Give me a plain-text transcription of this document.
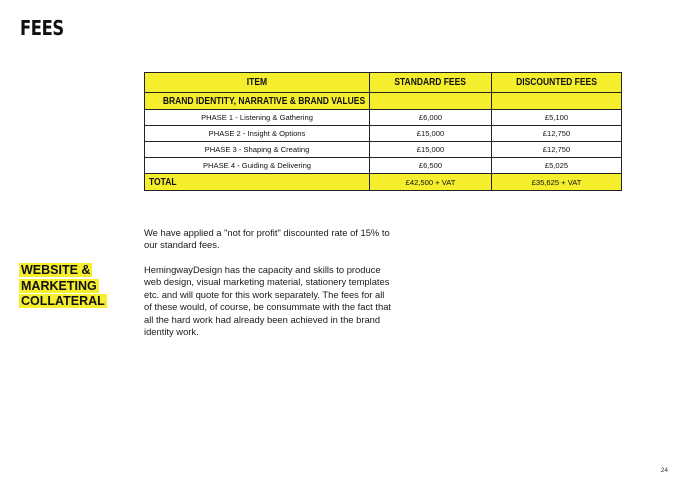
FEES
ITEM	STANDARD FEES	DISCOUNTED FEES
BRAND IDENTITY, NARRATIVE & BRAND VALUES		
PHASE 1 - Listening & Gathering	£6,000	£5,100
PHASE 2 - Insight & Options	£15,000	£12,750
PHASE 3 - Shaping & Creating	£15,000	£12,750
PHASE 4 - Guiding & Delivering	£6,500	£5,025
TOTAL	£42,500 + VAT	£35,625 + VAT

We have applied a "not for profit" discounted rate of 15% to our standard fees.

WEBSITE &
MARKETING
COLLATERAL

HemingwayDesign has the capacity and skills to produce web design, visual marketing material, stationery templates etc. and will quote for this work separately. The fees for all of these would, of course, be consummate with the fact that all the hard work had already been achieved in the brand identity work.

24
